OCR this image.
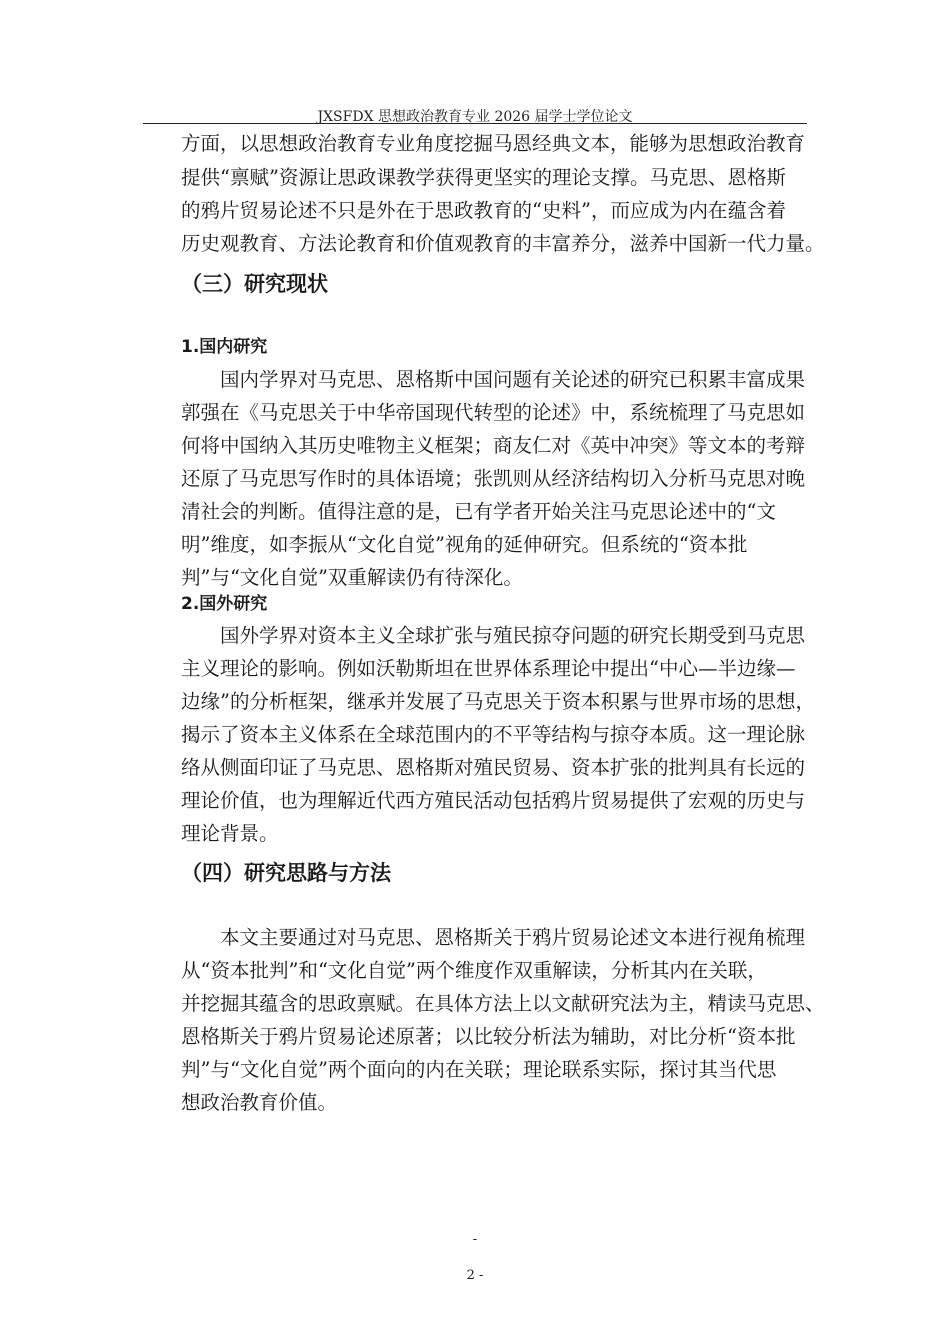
JXSFDX 思想政治教育专业 2026 届学士学位论文
方面，以思想政治教育专业角度挖掘马恩经典文本，能够为思想政治教育
提供“禀赋”资源让思政课教学获得更坚实的理论支撑。马克思、恩格斯
的鸦片贸易论述不只是外在于思政教育的“史料”，而应成为内在蕴含着
历史观教育、方法论教育和价值观教育的丰富养分，滋养中国新一代力量。
（三）研究现状
1.国内研究
国内学界对马克思、恩格斯中国问题有关论述的研究已积累丰富成果
郭强在《马克思关于中华帝国现代转型的论述》中，系统梳理了马克思如
何将中国纳入其历史唯物主义框架；商友仁对《英中冲突》等文本的考辩
还原了马克思写作时的具体语境；张凯则从经济结构切入分析马克思对晚
清社会的判断。值得注意的是，已有学者开始关注马克思论述中的“文
明”维度，如李振从“文化自觉”视角的延伸研究。但系统的“资本批
判”与“文化自觉”双重解读仍有待深化。
2.国外研究
国外学界对资本主义全球扩张与殖民掠夺问题的研究长期受到马克思
主义理论的影响。例如沃勒斯坦在世界体系理论中提出“中心—半边缘—
边缘”的分析框架，继承并发展了马克思关于资本积累与世界市场的思想，
揭示了资本主义体系在全球范围内的不平等结构与掠夺本质。这一理论脉
络从侧面印证了马克思、恩格斯对殖民贸易、资本扩张的批判具有长远的
理论价值，也为理解近代西方殖民活动包括鸦片贸易提供了宏观的历史与
理论背景。
（四）研究思路与方法
本文主要通过对马克思、恩格斯关于鸦片贸易论述文本进行视角梳理
从“资本批判”和“文化自觉”两个维度作双重解读，分析其内在关联，
并挖掘其蕴含的思政禀赋。在具体方法上以文献研究法为主，精读马克思、
恩格斯关于鸦片贸易论述原著；以比较分析法为辅助，对比分析“资本批
判”与“文化自觉”两个面向的内在关联；理论联系实际，探讨其当代思
想政治教育价值。
-
2 -
